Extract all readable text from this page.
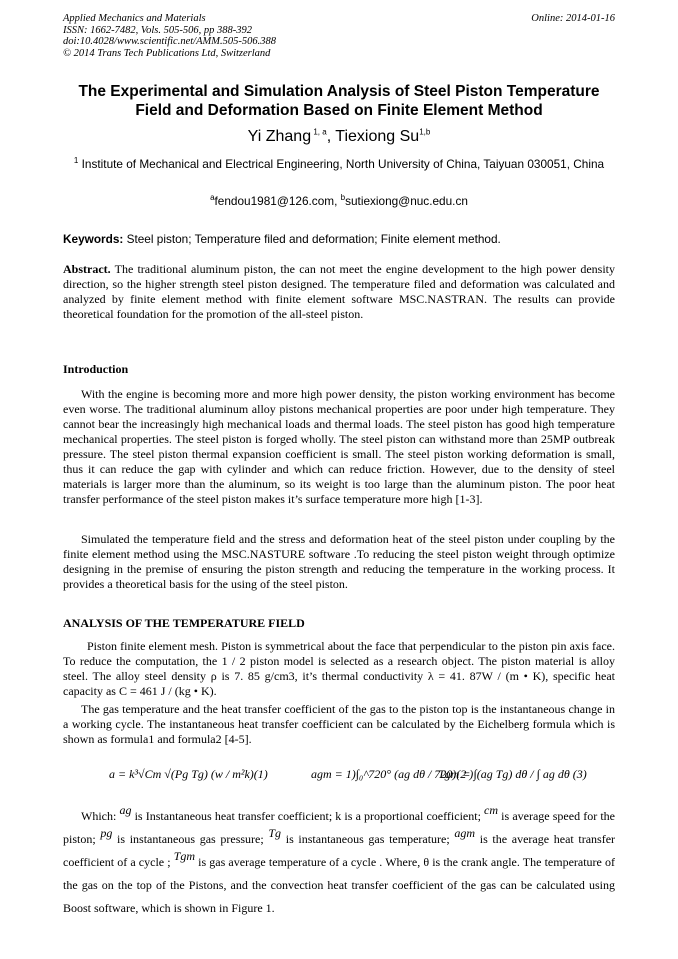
Applied Mechanics and Materials
ISSN: 1662-7482, Vols. 505-506, pp 388-392
doi:10.4028/www.scientific.net/AMM.505-506.388
© 2014 Trans Tech Publications Ltd, Switzerland
Online: 2014-01-16
The Experimental and Simulation Analysis of Steel Piston Temperature
Field and Deformation Based on Finite Element Method
Yi Zhang $^{1, a}$, Tiexiong Su$^{1,b}$
$^1$ Institute of Mechanical and Electrical Engineering, North University of China, Taiyuan 030051, China
$^a$fendou1981@126.com, $^b$sutiexiong@nuc.edu.cn
Keywords: Steel piston; Temperature filed and deformation; Finite element method.
Abstract. The traditional aluminum piston, the can not meet the engine development to the high power density direction, so the higher strength steel piston designed. The temperature filed and deformation was calculated and analyzed by finite element method with finite element software MSC.NASTRAN. The results can provide theoretical foundation for the promotion of the all-steel piston.
Introduction
With the engine is becoming more and more high power density, the piston working environment has become even worse. The traditional aluminum alloy pistons mechanical properties are poor under high temperature. They cannot bear the increasingly high mechanical loads and thermal loads. The steel piston has good high temperature mechanical properties. The steel piston is forged wholly. The steel piston can withstand more than 25MP outbreak pressure. The steel piston thermal expansion coefficient is small. The steel piston working deformation is small, thus it can reduce the gap with cylinder and which can reduce friction. However, due to the density of steel materials is larger more than the aluminum, so its weight is too large than the aluminum piston. The poor heat transfer performance of the steel piston makes it’s surface temperature more high [1-3].
Simulated the temperature field and the stress and deformation heat of the steel piston under coupling by the finite element method using the MSC.NASTURE software .To reducing the steel piston weight through optimize designing in the premise of ensuring the piston strength and reducing the temperature in the working process. It provides a theoretical basis for the using of the steel piston.
ANALYSIS OF THE TEMPERATURE FIELD
Piston finite element mesh. Piston is symmetrical about the face that perpendicular to the piston pin axis face. To reduce the computation, the 1 / 2 piston model is selected as a research object. The piston material is alloy steel. The alloy steel density ρ is 7. 85 g/cm3, it’s thermal conductivity λ = 41. 87W / (m • K), specific heat capacity as C = 461 J / (kg • K).
The gas temperature and the heat transfer coefficient of the gas to the piston top is the instantaneous change in a working cycle. The instantaneous heat transfer coefficient can be calculated by the Eichelberg formula which is shown as formula1 and formula2 [4-5].
a = k³√Cm √(Pg Tg) (w / m²k)(1)	agm = 1)∫₀^720° (ag dθ / 720)(2 )
Tgm = ∫(ag Tg) dθ / ∫ ag dθ (3)
Which: ag is Instantaneous heat transfer coefficient; k is a proportional coefficient; cm is average speed for the piston; pg is instantaneous gas pressure; Tg is instantaneous gas temperature; agm is the average heat transfer coefficient of a cycle ; Tgm is gas average temperature of a cycle . Where, θ is the crank angle. The temperature of the gas on the top of the Pistons, and the convection heat transfer coefficient of the gas can be calculated using Boost software, which is shown in Figure 1.
